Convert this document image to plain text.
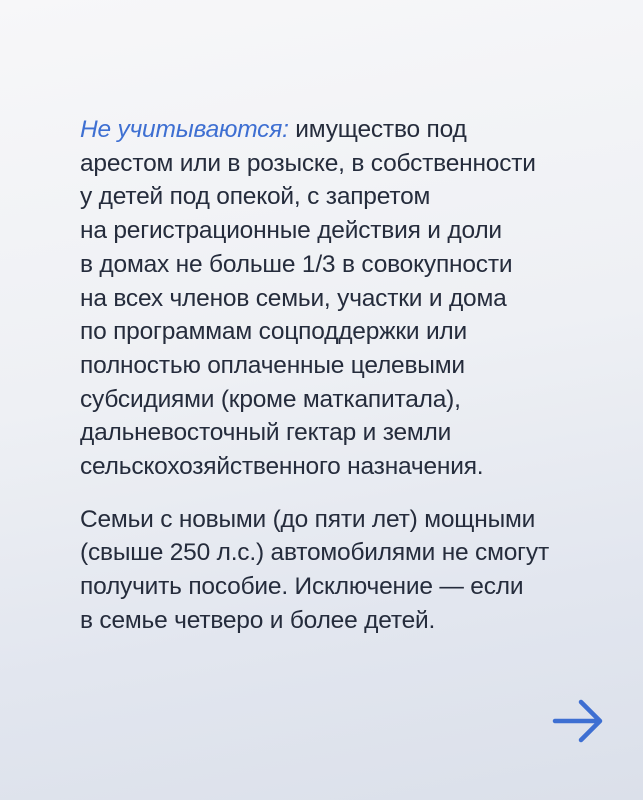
Не учитываются: имущество под
арестом или в розыске, в собственности
у детей под опекой, с запретом
на регистрационные действия и доли
в домах не больше 1/3 в совокупности
на всех членов семьи, участки и дома
по программам соцподдержки или
полностью оплаченные целевыми
субсидиями (кроме маткапитала),
дальневосточный гектар и земли
сельскохозяйственного назначения.

Семьи с новыми (до пяти лет) мощными
(свыше 250 л.с.) автомобилями не смогут
получить пособие. Исключение — если
в семье четверо и более детей.
